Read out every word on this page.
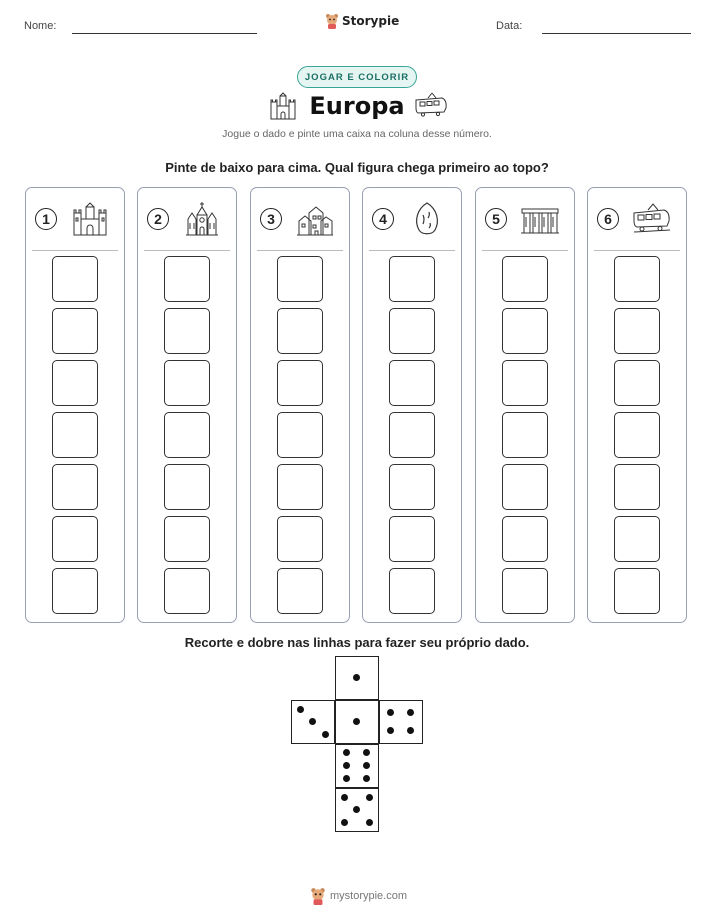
Nome:	Storypie	Data:
JOGAR E COLORIR
Europa
Jogue o dado e pinte uma caixa na coluna desse número.
Pinte de baixo para cima. Qual figura chega primeiro ao topo?
1	2	3	4	5	6
Recorte e dobre nas linhas para fazer seu próprio dado.
mystorypie.com
